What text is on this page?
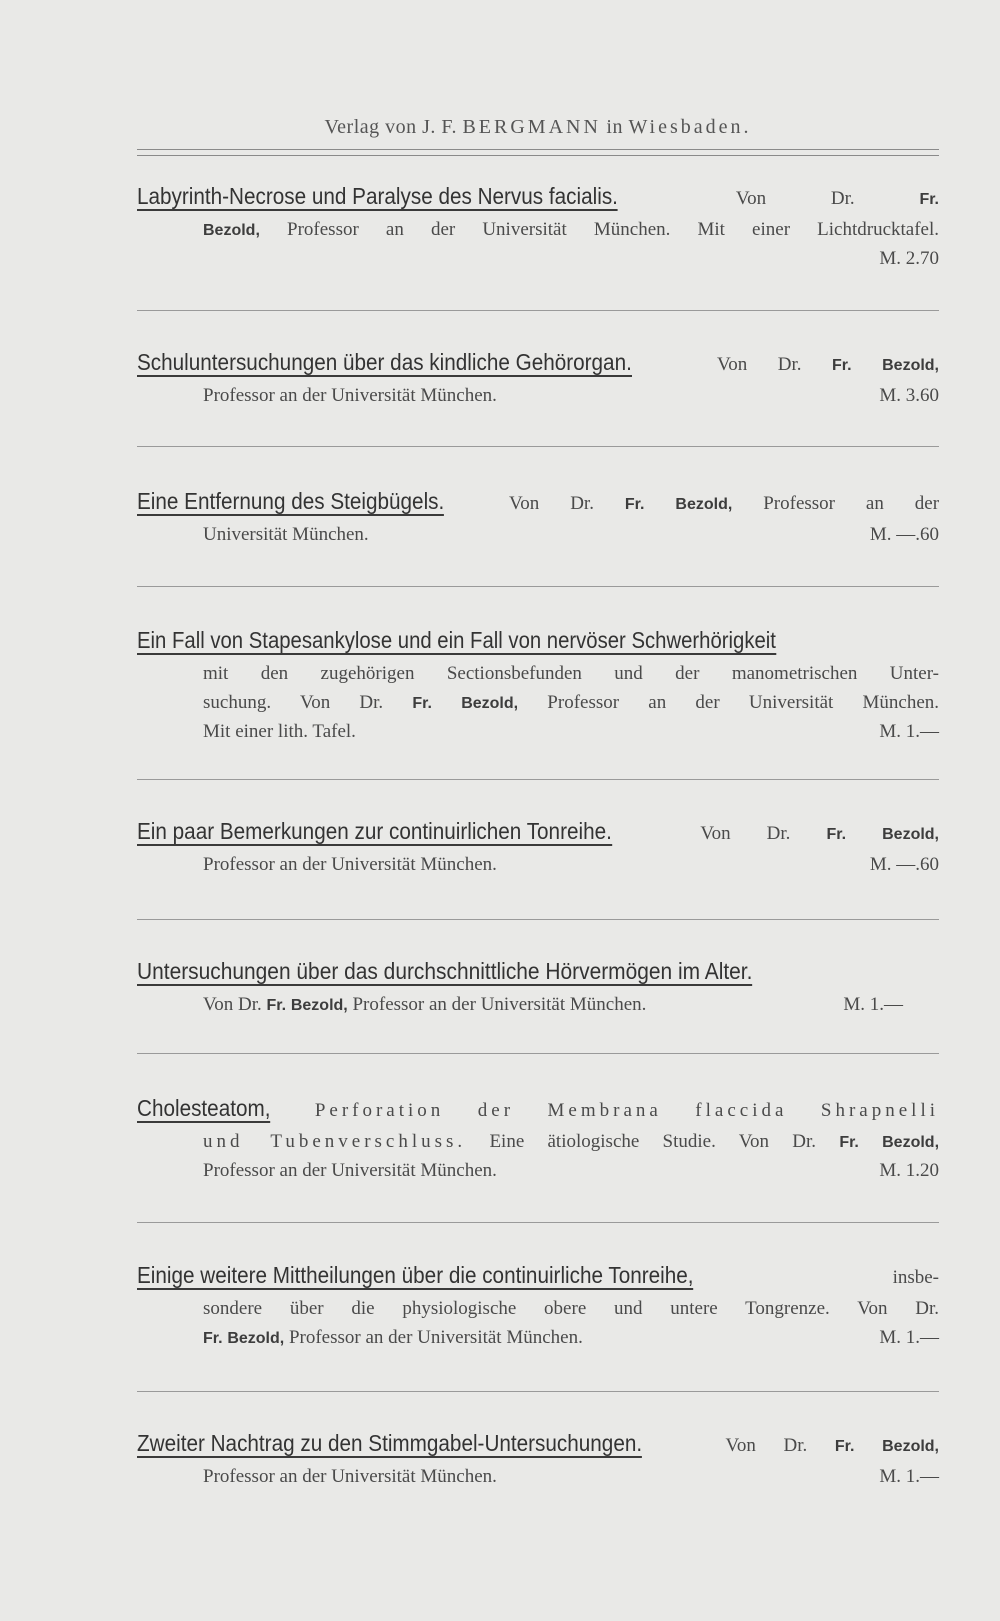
Verlag von J. F. BERGMANN in Wiesbaden.
Labyrinth-Necrose und Paralyse des Nervus facialis.	Von Dr.	Fr.
Bezold, Professor an der Universität München. Mit einer Lichtdrucktafel.
M. 2.70
Schuluntersuchungen über das kindliche Gehörorgan.	Von Dr. Fr. Bezold,
Professor an der Universität München.	M. 3.60
Eine Entfernung des Steigbügels.	Von Dr. Fr. Bezold, Professor an der
Universität München.	M. —.60
Ein Fall von Stapesankylose und ein Fall von nervöser Schwerhörigkeit
mit den zugehörigen Sectionsbefunden und der manometrischen Unter-
suchung. Von Dr. Fr. Bezold, Professor an der Universität München.
Mit einer lith. Tafel.	M. 1.—
Ein paar Bemerkungen zur continuirlichen Tonreihe.	Von Dr. Fr. Bezold,
Professor an der Universität München.	M. —.60
Untersuchungen über das durchschnittliche Hörvermögen im Alter.
Von Dr. Fr. Bezold, Professor an der Universität München.	M. 1.—
Cholesteatom, Perforation der Membrana flaccida Shrapnelli
und Tubenverschluss. Eine ätiologische Studie. Von Dr. Fr. Bezold,
Professor an der Universität München.	M. 1.20
Einige weitere Mittheilungen über die continuirliche Tonreihe,	insbe-
sondere über die physiologische obere und untere Tongrenze. Von Dr.
Fr. Bezold, Professor an der Universität München.	M. 1.—
Zweiter Nachtrag zu den Stimmgabel-Untersuchungen.	Von Dr. Fr. Bezold,
Professor an der Universität München.	M. 1.—
